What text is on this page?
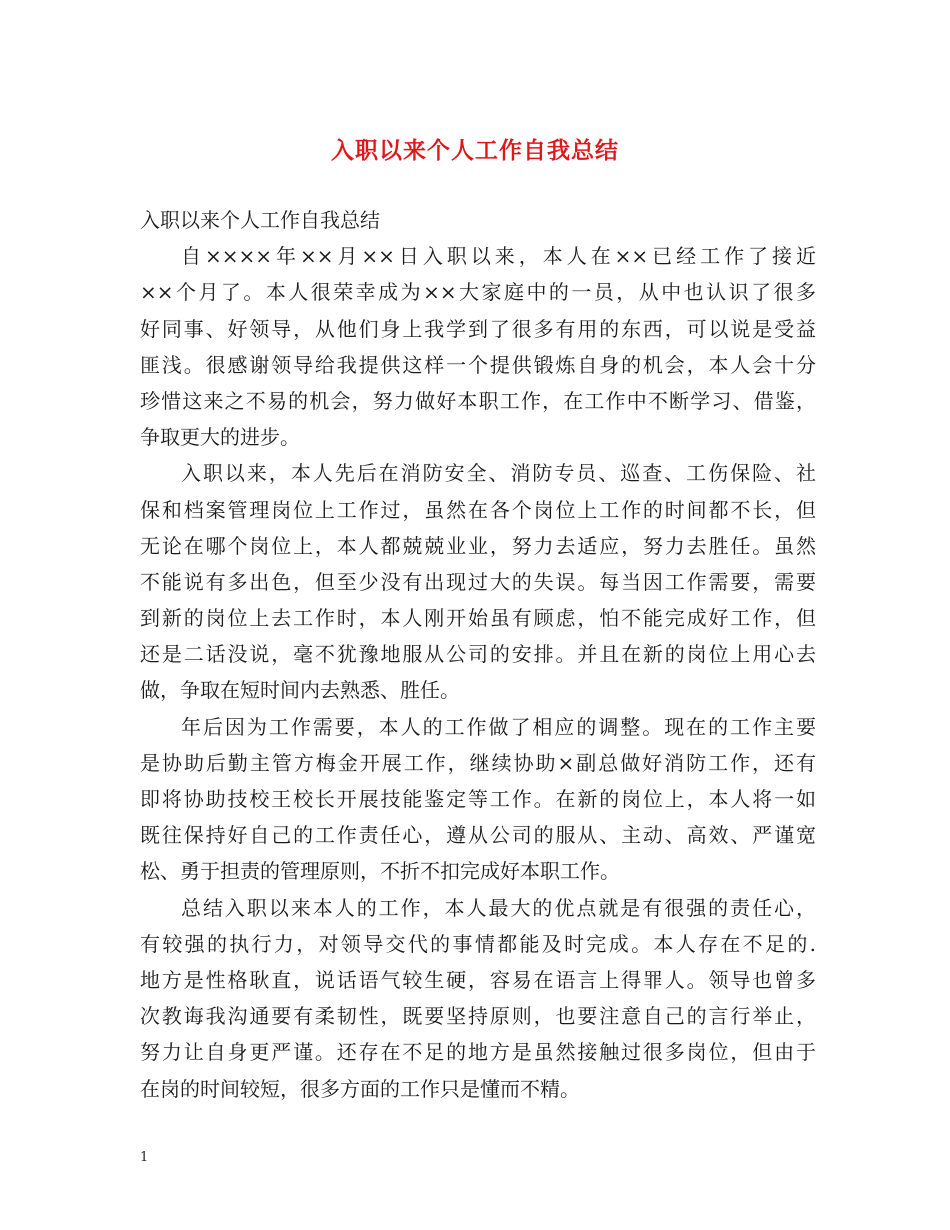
入职以来个人工作自我总结

入职以来个人工作自我总结

自××××年××月××日入职以来，本人在××已经工作了接近

××个月了。本人很荣幸成为××大家庭中的一员，从中也认识了很多

好同事、好领导，从他们身上我学到了很多有用的东西，可以说是受益

匪浅。很感谢领导给我提供这样一个提供锻炼自身的机会，本人会十分

珍惜这来之不易的机会，努力做好本职工作，在工作中不断学习、借鉴，

争取更大的进步。

入职以来，本人先后在消防安全、消防专员、巡查、工伤保险、社

保和档案管理岗位上工作过，虽然在各个岗位上工作的时间都不长，但

无论在哪个岗位上，本人都兢兢业业，努力去适应，努力去胜任。虽然

不能说有多出色，但至少没有出现过大的失误。每当因工作需要，需要

到新的岗位上去工作时，本人刚开始虽有顾虑，怕不能完成好工作，但

还是二话没说，毫不犹豫地服从公司的安排。并且在新的岗位上用心去

做，争取在短时间内去熟悉、胜任。

年后因为工作需要，本人的工作做了相应的调整。现在的工作主要

是协助后勤主管方梅金开展工作，继续协助×副总做好消防工作，还有

即将协助技校王校长开展技能鉴定等工作。在新的岗位上，本人将一如

既往保持好自己的工作责任心，遵从公司的服从、主动、高效、严谨宽

松、勇于担责的管理原则，不折不扣完成好本职工作。

总结入职以来本人的工作，本人最大的优点就是有很强的责任心，

有较强的执行力，对领导交代的事情都能及时完成。本人存在不足的.

地方是性格耿直，说话语气较生硬，容易在语言上得罪人。领导也曾多

次教诲我沟通要有柔韧性，既要坚持原则，也要注意自己的言行举止，

努力让自身更严谨。还存在不足的地方是虽然接触过很多岗位，但由于

在岗的时间较短，很多方面的工作只是懂而不精。

1
